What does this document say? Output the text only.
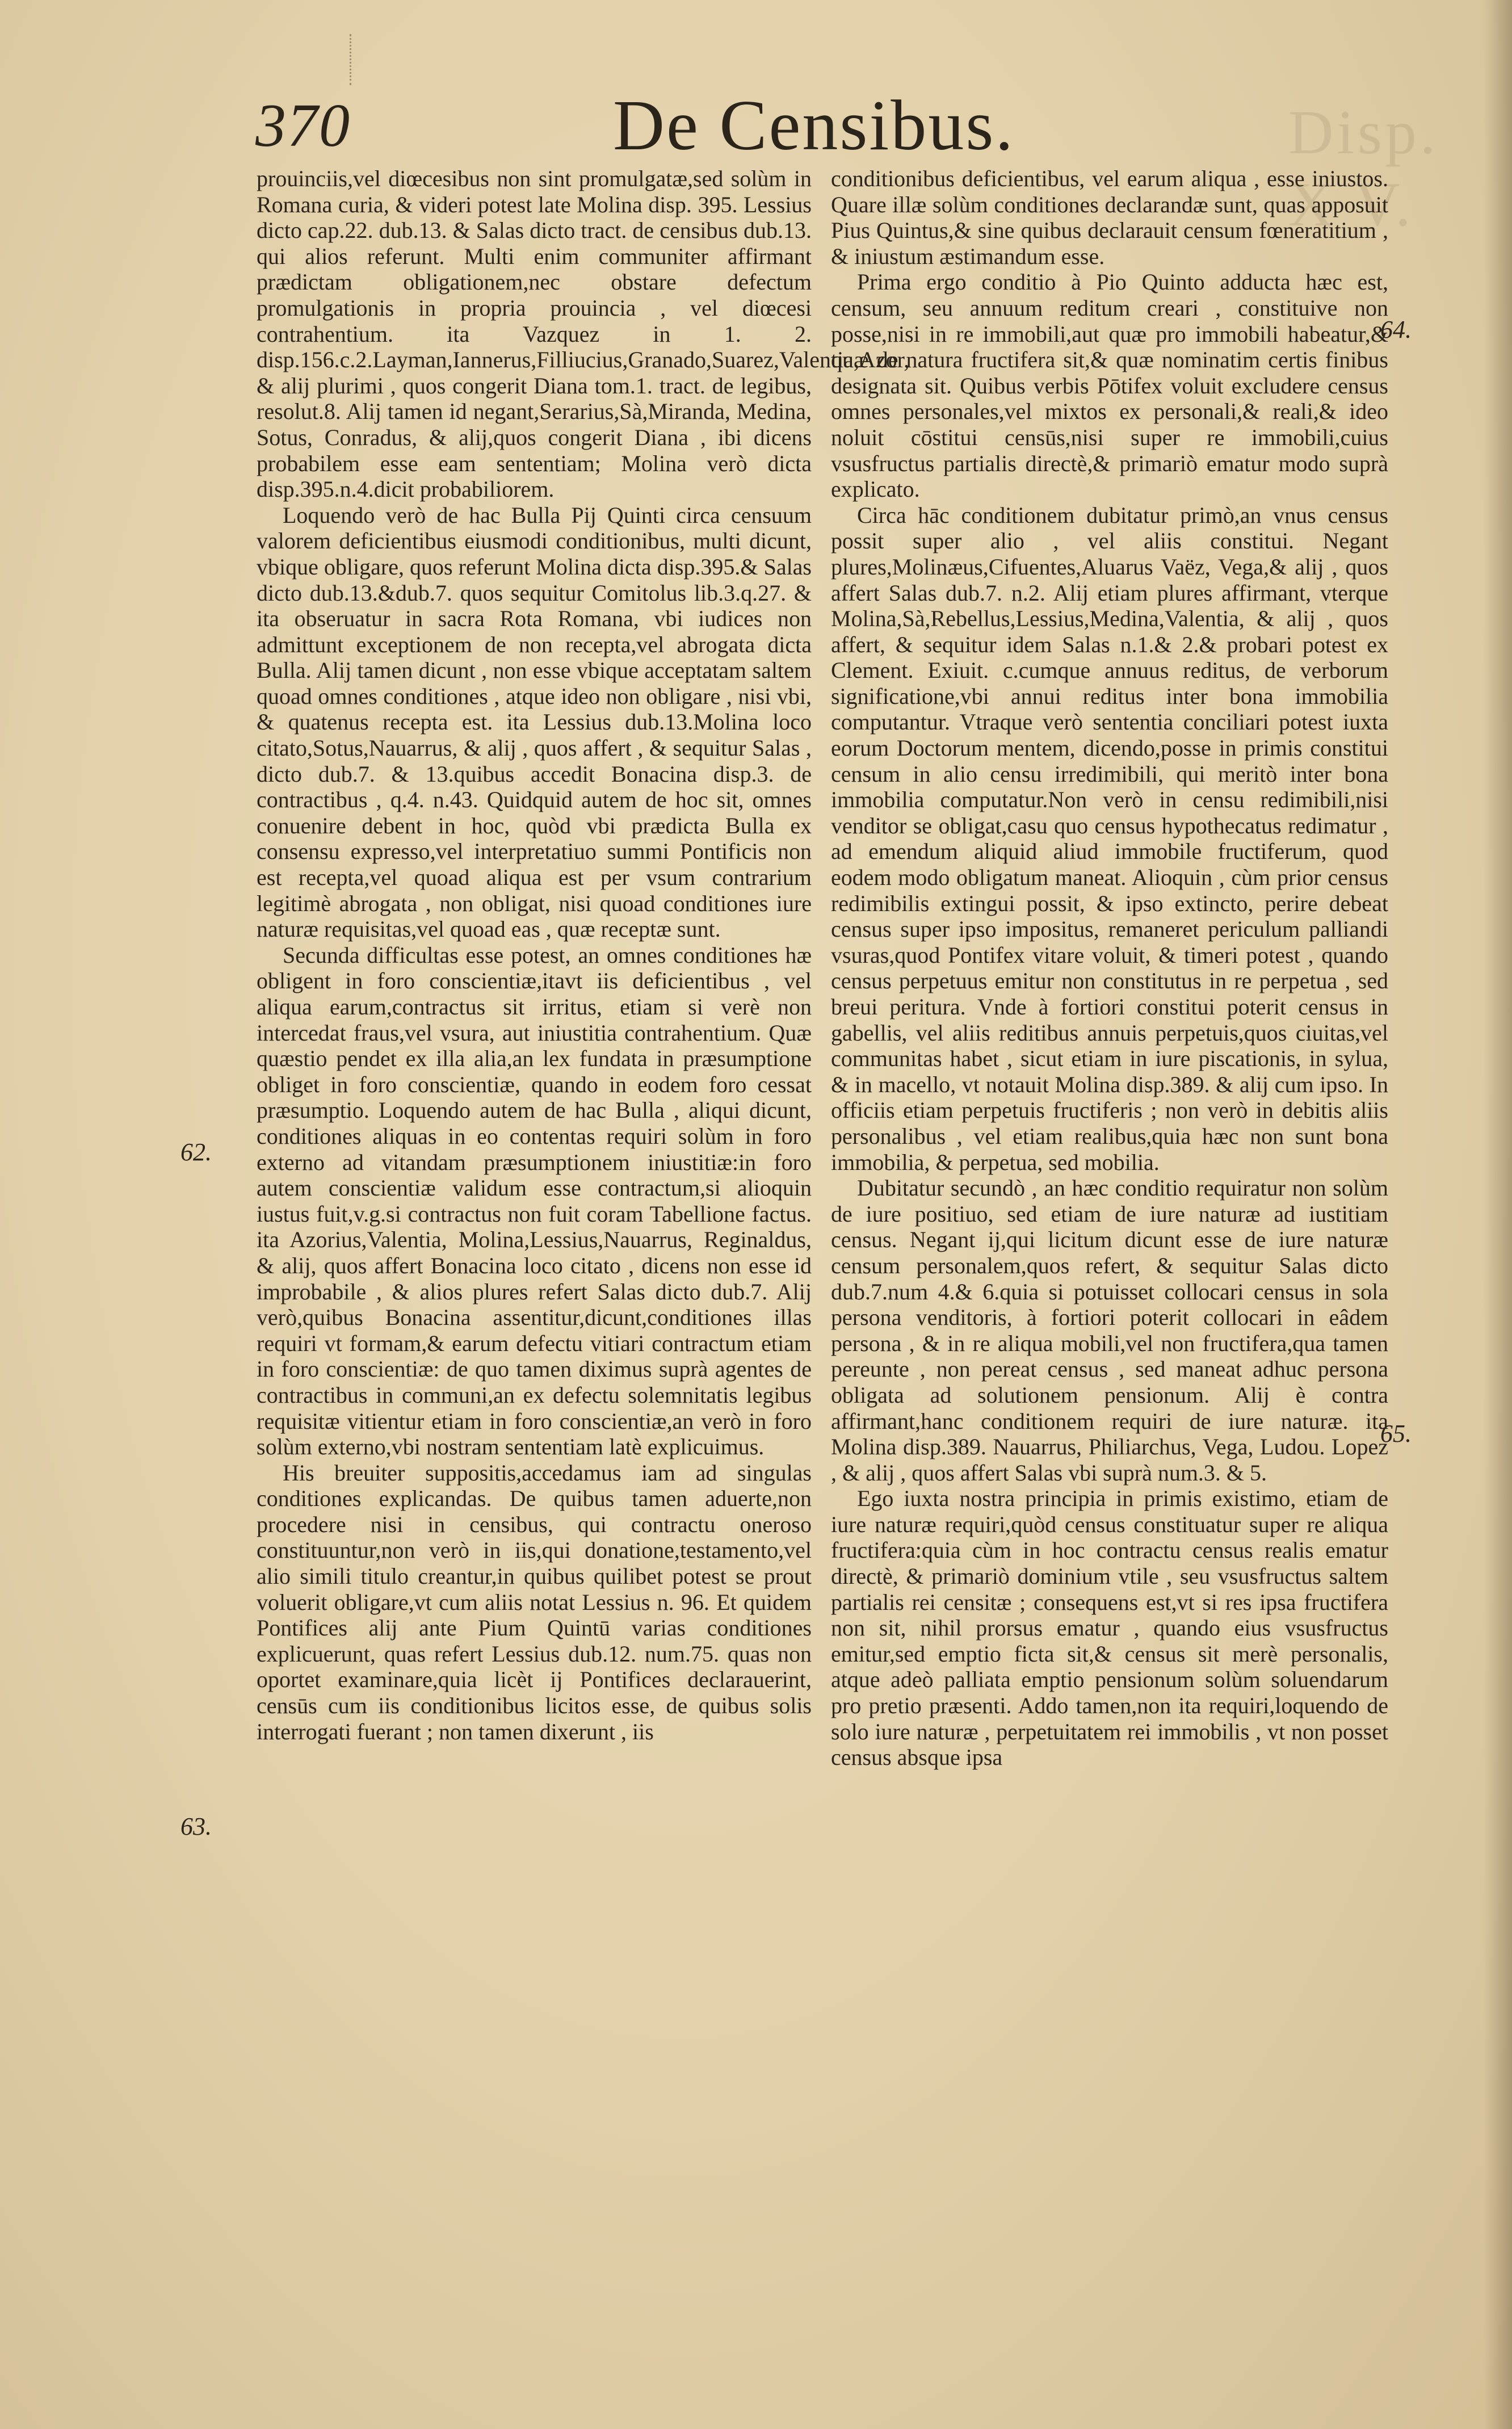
370	De Censibus.	Disp. X V.

prouinciis,vel diœcesibus non sint promulgatæ,sed solùm in Romana curia, & videri potest late Molina disp. 395. Lessius dicto cap.22. dub.13. & Salas dicto tract. de censibus dub.13. qui alios referunt. Multi enim communiter affirmant prædictam obligationem,nec obstare defectum promulgationis in propria prouincia , vel diœcesi contrahentium. ita Vazquez in 1. 2. disp.156.c.2.Layman,Iannerus,Filliucius,Granado,Suarez,Valentia,Azor, & alij plurimi , quos congerit Diana tom.1. tract. de legibus, resolut.8. Alij tamen id negant,Serarius,Sà,Miranda, Medina, Sotus, Conradus, & alij,quos congerit Diana , ibi dicens probabilem esse eam sententiam; Molina verò dicta disp.395.n.4.dicit probabiliorem.

Loquendo verò de hac Bulla Pij Quinti circa censuum valorem deficientibus eiusmodi conditionibus, multi dicunt, vbique obligare, quos referunt Molina dicta disp.395.& Salas dicto dub.13.&dub.7. quos sequitur Comitolus lib.3.q.27. & ita obseruatur in sacra Rota Romana, vbi iudices non admittunt exceptionem de non recepta,vel abrogata dicta Bulla. Alij tamen dicunt , non esse vbique acceptatam saltem quoad omnes conditiones , atque ideo non obligare , nisi vbi, & quatenus recepta est. ita Lessius dub.13.Molina loco citato,Sotus,Nauarrus, & alij , quos affert , & sequitur Salas , dicto dub.7. & 13.quibus accedit Bonacina disp.3. de contractibus , q.4. n.43. Quidquid autem de hoc sit, omnes conuenire debent in hoc, quòd vbi prædicta Bulla ex consensu expresso,vel interpretatiuo summi Pontificis non est recepta,vel quoad aliqua est per vsum contrarium legitimè abrogata , non obligat, nisi quoad conditiones iure naturæ requisitas,vel quoad eas , quæ receptæ sunt.

Secunda difficultas esse potest, an omnes conditiones hæ obligent in foro conscientiæ,itavt iis deficientibus , vel aliqua earum,contractus sit irritus, etiam si verè non intercedat fraus,vel vsura, aut iniustitia contrahentium. Quæ quæstio pendet ex illa alia,an lex fundata in præsumptione obliget in foro conscientiæ, quando in eodem foro cessat præsumptio. Loquendo autem de hac Bulla , aliqui dicunt, conditiones aliquas in eo contentas requiri solùm in foro externo ad vitandam præsumptionem iniustitiæ:in foro autem conscientiæ validum esse contractum,si alioquin iustus fuit,v.g.si contractus non fuit coram Tabellione factus. ita Azorius,Valentia, Molina,Lessius,Nauarrus, Reginaldus, & alij, quos affert Bonacina loco citato , dicens non esse id improbabile , & alios plures refert Salas dicto dub.7. Alij verò,quibus Bonacina assentitur,dicunt,conditiones illas requiri vt formam,& earum defectu vitiari contractum etiam in foro conscientiæ: de quo tamen diximus suprà agentes de contractibus in communi,an ex defectu solemnitatis legibus requisitæ vitientur etiam in foro conscientiæ,an verò in foro solùm externo,vbi nostram sententiam latè explicuimus.

His breuiter suppositis,accedamus iam ad singulas conditiones explicandas. De quibus tamen aduerte,non procedere nisi in censibus, qui contractu oneroso constituuntur,non verò in iis,qui donatione,testamento,vel alio simili titulo creantur,in quibus quilibet potest se prout voluerit obligare,vt cum aliis notat Lessius n. 96. Et quidem Pontifices alij ante Pium Quintū varias conditiones explicuerunt, quas refert Lessius dub.12. num.75. quas non oportet examinare,quia licèt ij Pontifices declarauerint, censūs cum iis conditionibus licitos esse, de quibus solis interrogati fuerant ; non tamen dixerunt , iis

conditionibus deficientibus, vel earum aliqua , esse iniustos. Quare illæ solùm conditiones declarandæ sunt, quas apposuit Pius Quintus,& sine quibus declarauit censum fœneratitium , & iniustum æstimandum esse.

Prima ergo conditio à Pio Quinto adducta hæc est, censum, seu annuum reditum creari , constituive non posse,nisi in re immobili,aut quæ pro immobili habeatur,& quæ de natura fructifera sit,& quæ nominatim certis finibus designata sit. Quibus verbis Pōtifex voluit excludere census omnes personales,vel mixtos ex personali,& reali,& ideo noluit cōstitui censūs,nisi super re immobili,cuius vsusfructus partialis directè,& primariò ematur modo suprà explicato.

Circa hāc conditionem dubitatur primò,an vnus census possit super alio , vel aliis constitui. Negant plures,Molinæus,Cifuentes,Aluarus Vaëz, Vega,& alij , quos affert Salas dub.7. n.2. Alij etiam plures affirmant, vterque Molina,Sà,Rebellus,Lessius,Medina,Valentia, & alij , quos affert, & sequitur idem Salas n.1.& 2.& probari potest ex Clement. Exiuit. c.cumque annuus reditus, de verborum significatione,vbi annui reditus inter bona immobilia computantur. Vtraque verò sententia conciliari potest iuxta eorum Doctorum mentem, dicendo,posse in primis constitui censum in alio censu irredimibili, qui meritò inter bona immobilia computatur.Non verò in censu redimibili,nisi venditor se obligat,casu quo census hypothecatus redimatur , ad emendum aliquid aliud immobile fructiferum, quod eodem modo obligatum maneat. Alioquin , cùm prior census redimibilis extingui possit, & ipso extincto, perire debeat census super ipso impositus, remaneret periculum palliandi vsuras,quod Pontifex vitare voluit, & timeri potest , quando census perpetuus emitur non constitutus in re perpetua , sed breui peritura. Vnde à fortiori constitui poterit census in gabellis, vel aliis reditibus annuis perpetuis,quos ciuitas,vel communitas habet , sicut etiam in iure piscationis, in sylua, & in macello, vt notauit Molina disp.389. & alij cum ipso. In officiis etiam perpetuis fructiferis ; non verò in debitis aliis personalibus , vel etiam realibus,quia hæc non sunt bona immobilia, & perpetua, sed mobilia.

Dubitatur secundò , an hæc conditio requiratur non solùm de iure positiuo, sed etiam de iure naturæ ad iustitiam census. Negant ij,qui licitum dicunt esse de iure naturæ censum personalem,quos refert, & sequitur Salas dicto dub.7.num 4.& 6.quia si potuisset collocari census in sola persona venditoris, à fortiori poterit collocari in eâdem persona , & in re aliqua mobili,vel non fructifera,qua tamen pereunte , non pereat census , sed maneat adhuc persona obligata ad solutionem pensionum. Alij è contra affirmant,hanc conditionem requiri de iure naturæ. ita Molina disp.389. Nauarrus, Philiarchus, Vega, Ludou. Lopez , & alij , quos affert Salas vbi suprà num.3. & 5.

Ego iuxta nostra principia in primis existimo, etiam de iure naturæ requiri,quòd census constituatur super re aliqua fructifera:quia cùm in hoc contractu census realis ematur directè, & primariò dominium vtile , seu vsusfructus saltem partialis rei censitæ ; consequens est,vt si res ipsa fructifera non sit, nihil prorsus ematur , quando eius vsusfructus emitur,sed emptio ficta sit,& census sit merè personalis, atque adeò palliata emptio pensionum solùm soluendarum pro pretio præsenti. Addo tamen,non ita requiri,loquendo de solo iure naturæ , perpetuitatem rei immobilis , vt non posset census absque ipsa

62.
63.
64.
65.
